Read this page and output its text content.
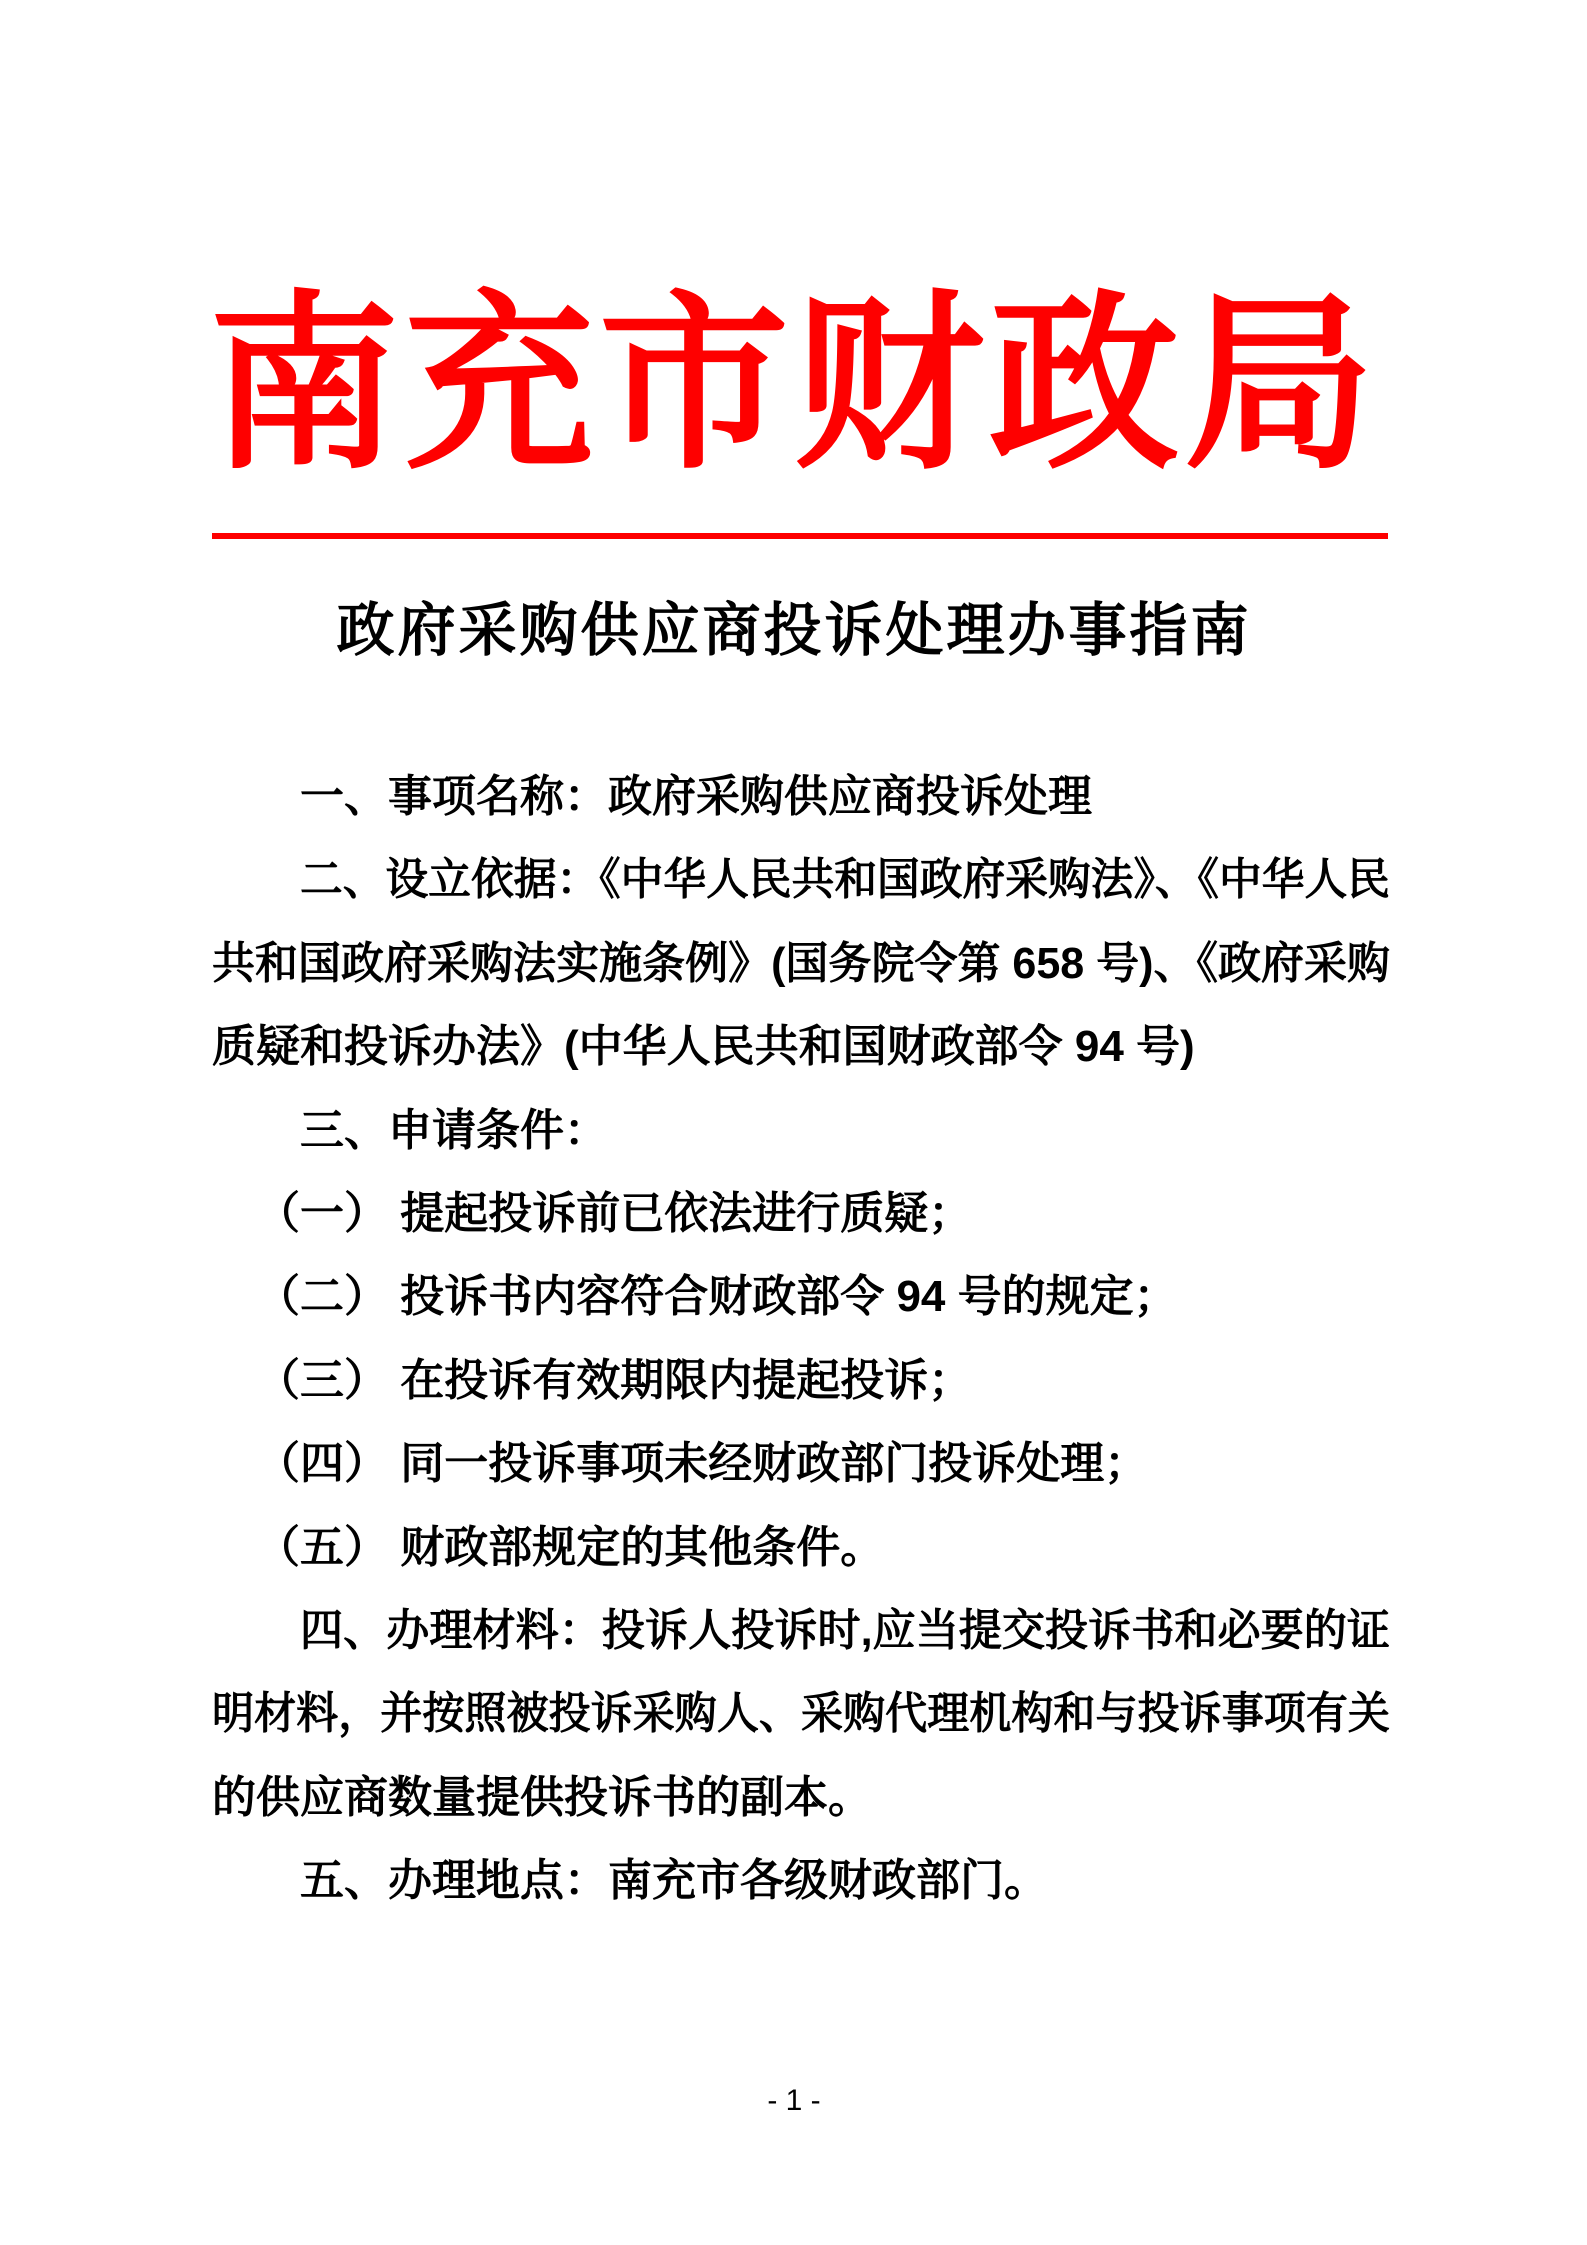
南充市财政局
政府采购供应商投诉处理办事指南
一、事项名称：政府采购供应商投诉处理
二、设立依据：《中华人民共和国政府采购法》、《中华人民
共和国政府采购法实施条例》(国务院令第 658 号)、《政府采购
质疑和投诉办法》(中华人民共和国财政部令 94 号)
三、申请条件：
（一） 提起投诉前已依法进行质疑；
（二） 投诉书内容符合财政部令 94 号的规定；
（三） 在投诉有效期限内提起投诉；
（四） 同一投诉事项未经财政部门投诉处理；
（五） 财政部规定的其他条件。
四、办理材料：投诉人投诉时,应当提交投诉书和必要的证
明材料，并按照被投诉采购人、采购代理机构和与投诉事项有关
的供应商数量提供投诉书的副本。
五、办理地点：南充市各级财政部门。
- 1 -
